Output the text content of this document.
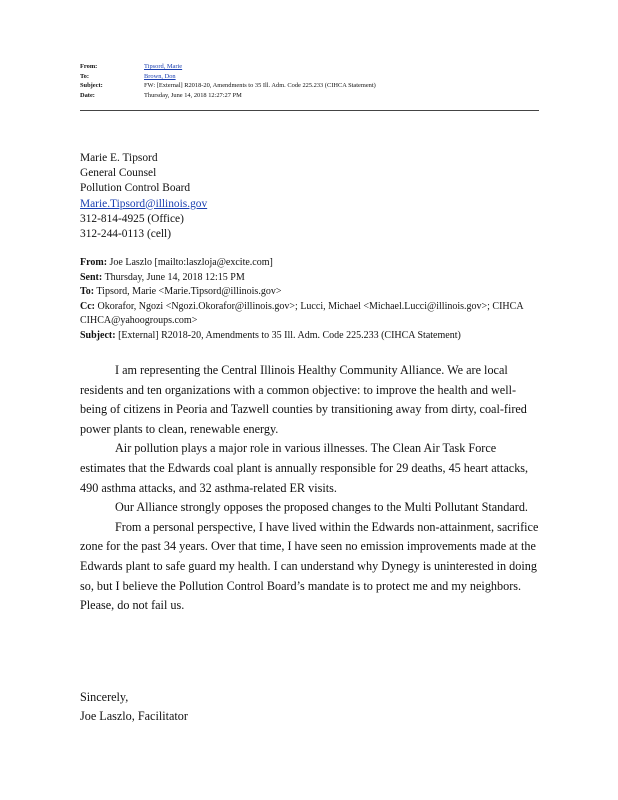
From:	Tipsord, Marie
To:	Brown, Don
Subject:	FW: [External] R2018-20, Amendments to 35 Ill. Adm. Code 225.233 (CIHCA Statement)
Date:	Thursday, June 14, 2018 12:27:27 PM
Marie E. Tipsord
General Counsel
Pollution Control Board
Marie.Tipsord@illinois.gov
312-814-4925 (Office)
312-244-0113 (cell)
From: Joe Laszlo [mailto:laszloja@excite.com]
Sent: Thursday, June 14, 2018 12:15 PM
To: Tipsord, Marie <Marie.Tipsord@illinois.gov>
Cc: Okorafor, Ngozi <Ngozi.Okorafor@illinois.gov>; Lucci, Michael <Michael.Lucci@illinois.gov>; CIHCA CIHCA@yahoogroups.com>
Subject: [External] R2018-20, Amendments to 35 Ill. Adm. Code 225.233 (CIHCA Statement)

I am representing the Central Illinois Healthy Community Alliance. We are local residents and ten organizations with a common objective: to improve the health and well-being of citizens in Peoria and Tazwell counties by transitioning away from dirty, coal-fired power plants to clean, renewable energy.

Air pollution plays a major role in various illnesses. The Clean Air Task Force estimates that the Edwards coal plant is annually responsible for 29 deaths, 45 heart attacks, 490 asthma attacks, and 32 asthma-related ER visits.

Our Alliance strongly opposes the proposed changes to the Multi Pollutant Standard.

From a personal perspective, I have lived within the Edwards non-attainment, sacrifice zone for the past 34 years. Over that time, I have seen no emission improvements made at the Edwards plant to safe guard my health. I can understand why Dynegy is uninterested in doing so, but I believe the Pollution Control Board’s mandate is to protect me and my neighbors. Please, do not fail us.

Sincerely,
Joe Laszlo, Facilitator
